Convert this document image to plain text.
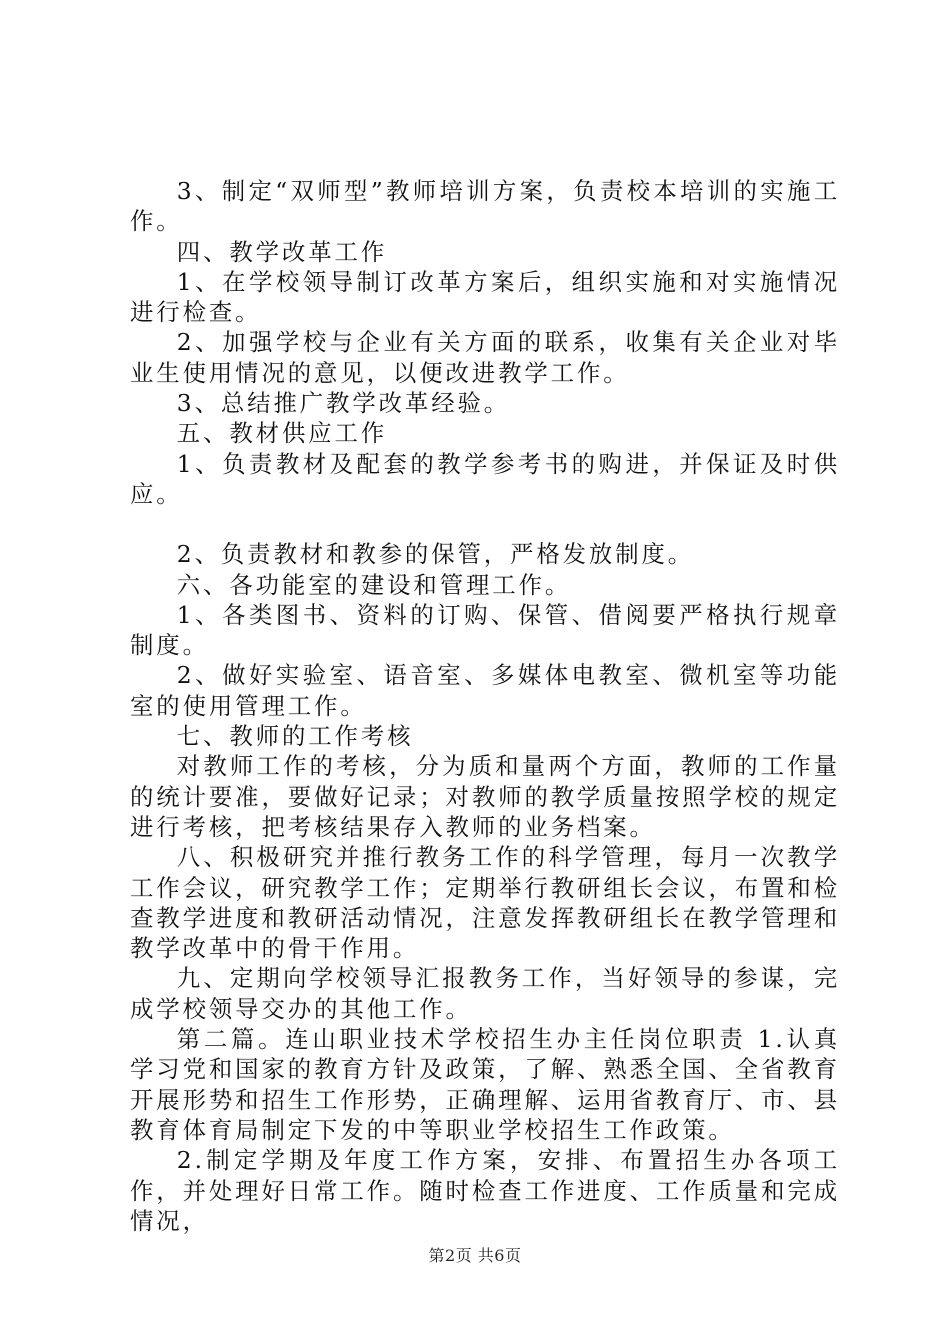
3、制定“双师型”教师培训方案，负责校本培训的实施工作。

四、教学改革工作

1、在学校领导制订改革方案后，组织实施和对实施情况进行检查。

2、加强学校与企业有关方面的联系，收集有关企业对毕业生使用情况的意见，以便改进教学工作。

3、总结推广教学改革经验。

五、教材供应工作

1、负责教材及配套的教学参考书的购进，并保证及时供应。

2、负责教材和教参的保管，严格发放制度。

六、各功能室的建设和管理工作。

1、各类图书、资料的订购、保管、借阅要严格执行规章制度。

2、做好实验室、语音室、多媒体电教室、微机室等功能室的使用管理工作。

七、教师的工作考核

对教师工作的考核，分为质和量两个方面，教师的工作量的统计要准，要做好记录；对教师的教学质量按照学校的规定进行考核，把考核结果存入教师的业务档案。

八、积极研究并推行教务工作的科学管理，每月一次教学工作会议，研究教学工作；定期举行教研组长会议，布置和检查教学进度和教研活动情况，注意发挥教研组长在教学管理和教学改革中的骨干作用。

九、定期向学校领导汇报教务工作，当好领导的参谋，完成学校领导交办的其他工作。

第二篇。连山职业技术学校招生办主任岗位职责 1.认真学习党和国家的教育方针及政策，了解、熟悉全国、全省教育开展形势和招生工作形势，正确理解、运用省教育厅、市、县教育体育局制定下发的中等职业学校招生工作政策。

2.制定学期及年度工作方案，安排、布置招生办各项工作，并处理好日常工作。随时检查工作进度、工作质量和完成情况，

第2页 共6页
